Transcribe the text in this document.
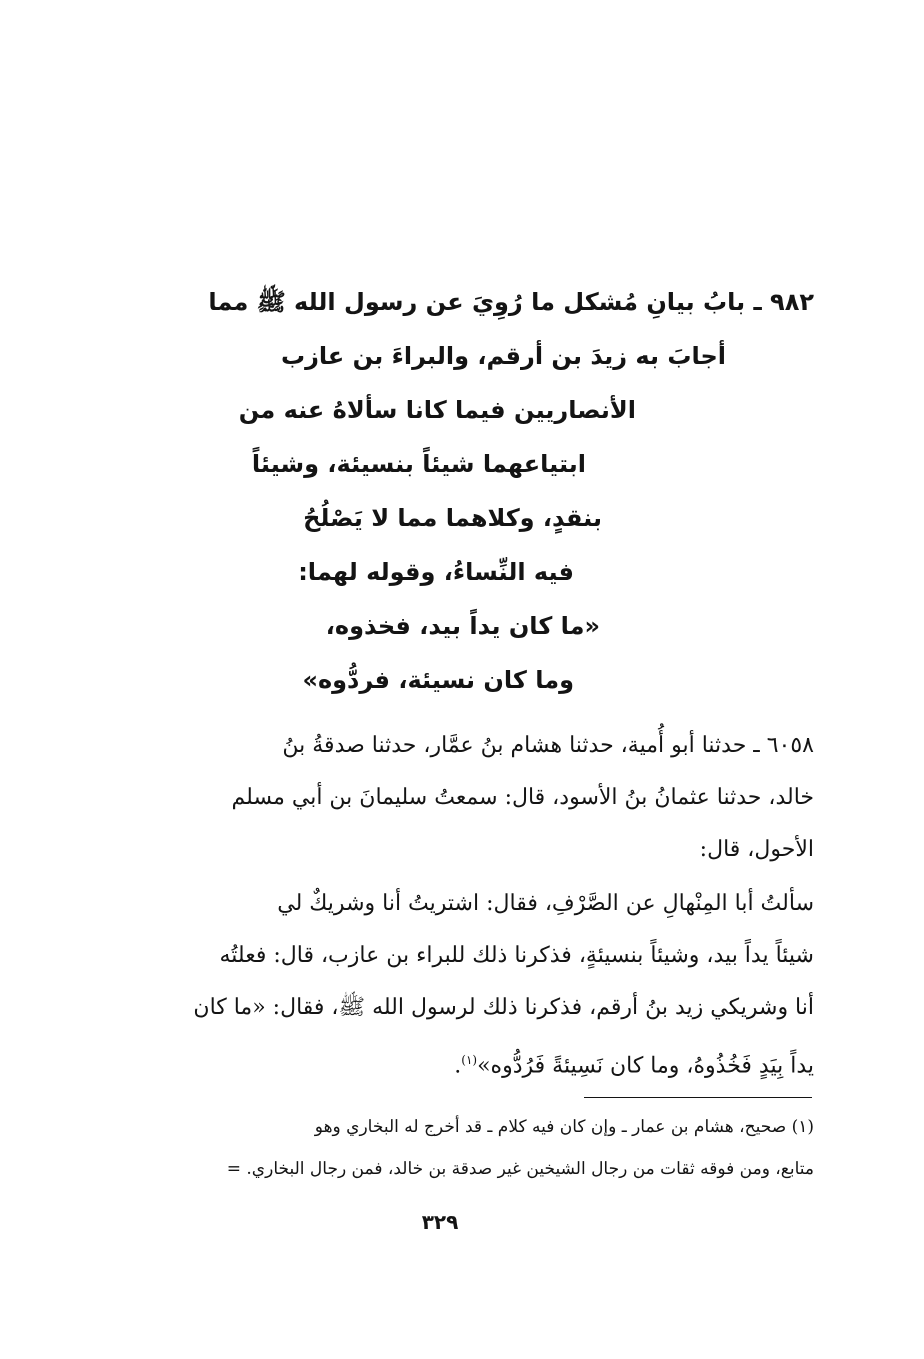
٩٨٢ ـ بابُ بيانِ مُشكل ما رُوِيَ عن رسول الله ﷺ مما
أجابَ به زيدَ بن أرقم، والبراءَ بن عازب
الأنصاريين فيما كانا سألاهُ عنه من
ابتياعهما شيئاً بنسيئة، وشيئاً
بنقدٍ، وكلاهما مما لا يَصْلُحُ
فيه النِّساءُ، وقوله لهما:
«ما كان يداً بيد، فخذوه،
وما كان نسيئة، فردُّوه»
٦٠٥٨ ـ حدثنا أبو أُمية، حدثنا هشام بنُ عمَّار، حدثنا صدقةُ بنُ
خالد، حدثنا عثمانُ بنُ الأسود، قال: سمعتُ سليمانَ بن أبي مسلم
الأحول، قال:
سألتُ أبا المِنْهالِ عن الصَّرْفِ، فقال: اشتريتُ أنا وشريكٌ لي
شيئاً يداً بيد، وشيئاً بنسيئةٍ، فذكرنا ذلك للبراء بن عازب، قال: فعلتُه
أنا وشريكي زيد بنُ أرقم، فذكرنا ذلك لرسول الله ﷺ، فقال: «ما كان
يداً بِيَدٍ فَخُذُوهُ، وما كان نَسِيئةً فَرُدُّوه»$^{(١)}$.
(١) صحيح، هشام بن عمار ـ وإن كان فيه كلام ـ قد أخرج له البخاري وهو
متابع، ومن فوقه ثقات من رجال الشيخين غير صدقة بن خالد، فمن رجال البخاري. =
٣٢٩
